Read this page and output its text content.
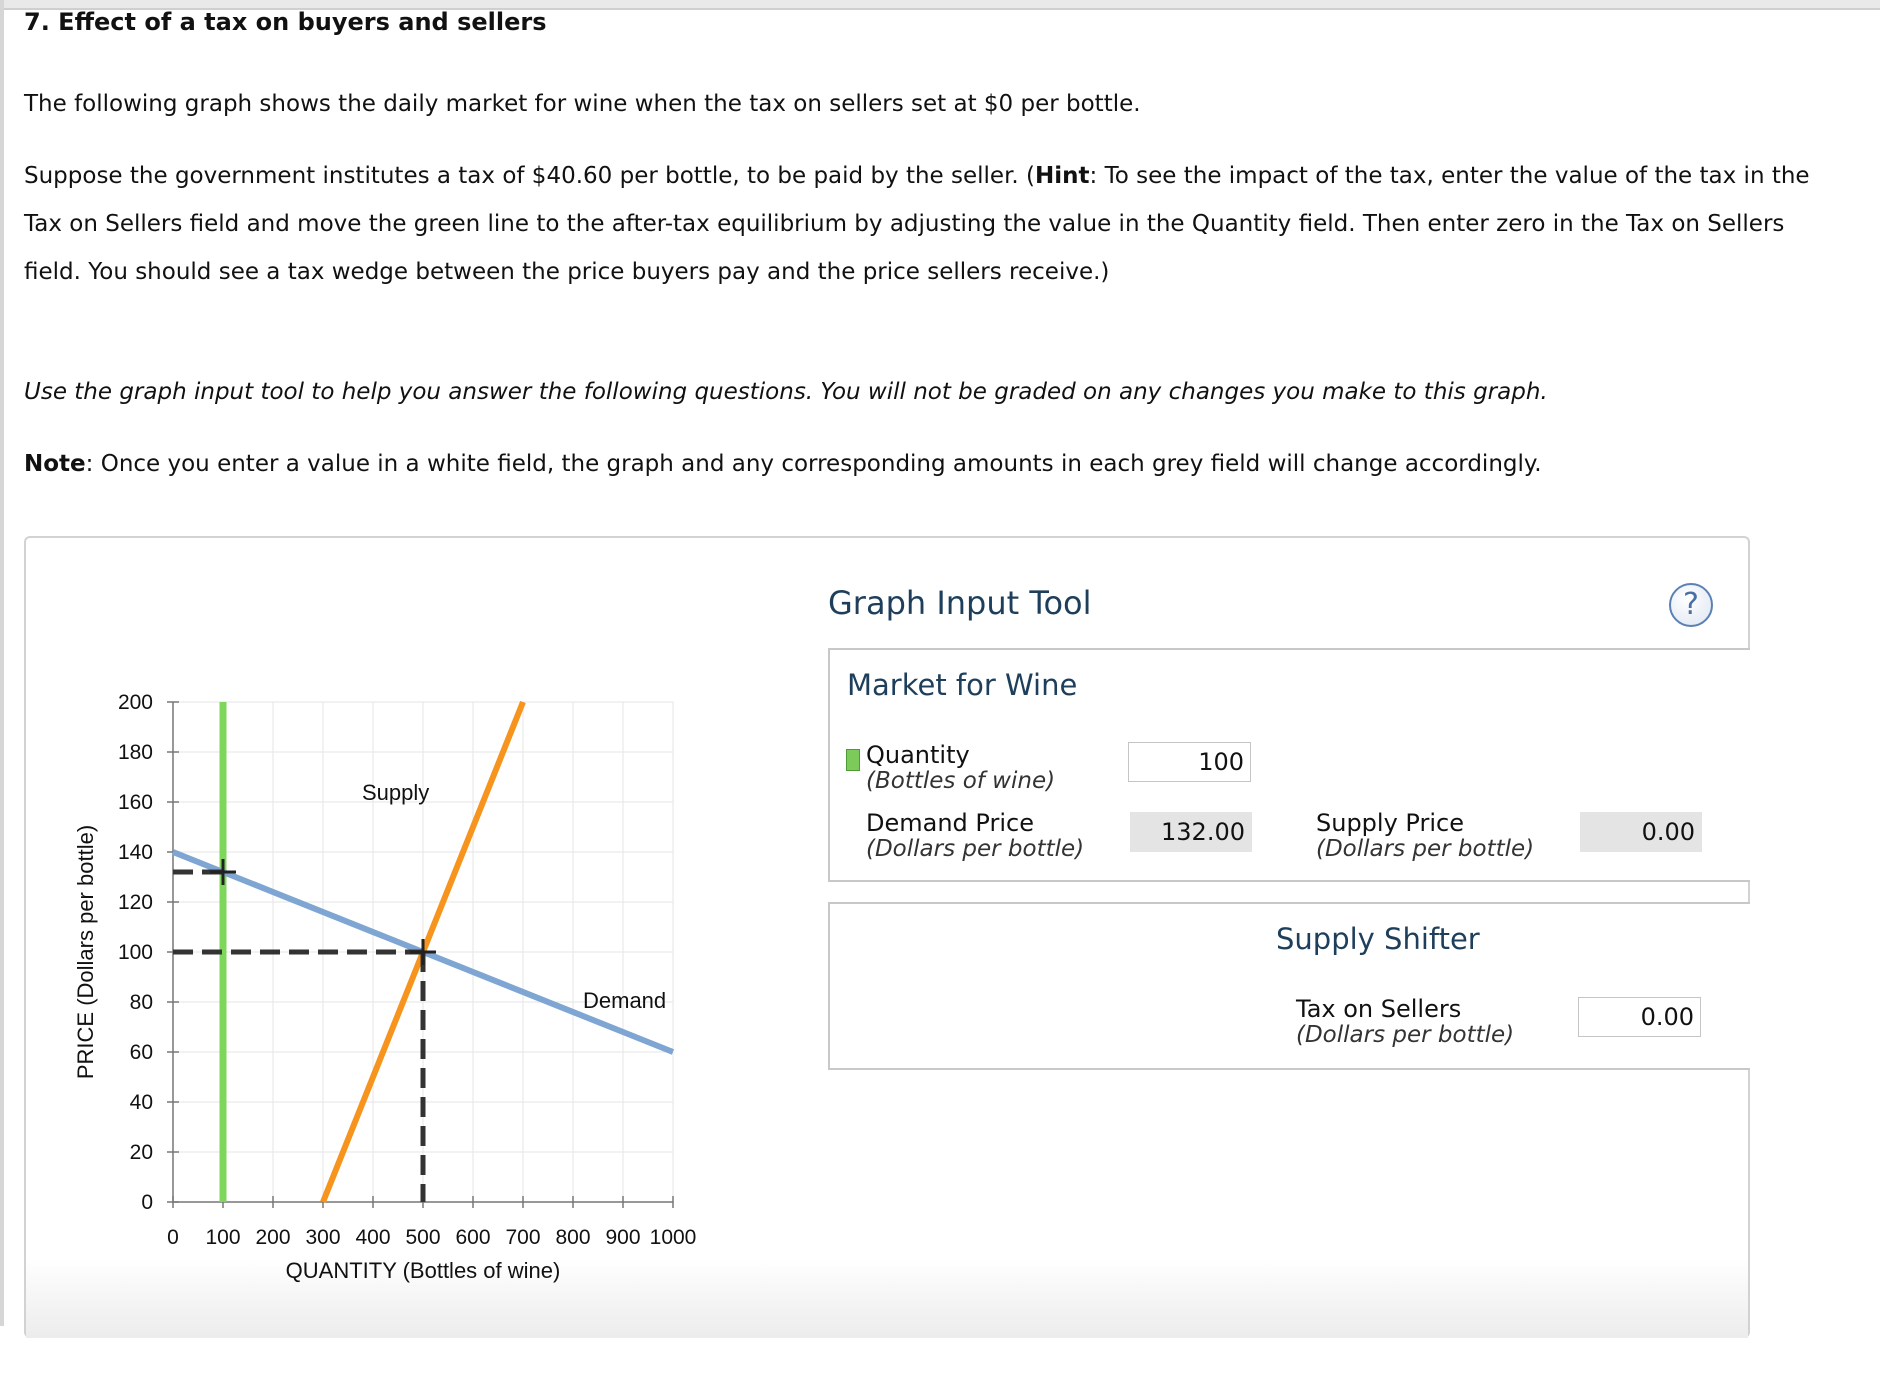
7. Effect of a tax on buyers and sellers
The following graph shows the daily market for wine when the tax on sellers set at $0 per bottle.
Suppose the government institutes a tax of $40.60 per bottle, to be paid by the seller. (Hint: To see the impact of the tax, enter the value of the tax in the Tax on Sellers field and move the green line to the after-tax equilibrium by adjusting the value in the Quantity field. Then enter zero in the Tax on Sellers field. You should see a tax wedge between the price buyers pay and the price sellers receive.)
Use the graph input tool to help you answer the following questions. You will not be graded on any changes you make to this graph.
Note: Once you enter a value in a white field, the graph and any corresponding amounts in each grey field will change accordingly.
0
20
40
60
80
100
120
140
160
180
200
0 100 200 300 400 500 600 700 800 900 1000
QUANTITY (Bottles of wine)
PRICE (Dollars per bottle)
Supply
Demand
Graph Input Tool	?
Market for Wine
Quantity
(Bottles of wine)
100
Demand Price
(Dollars per bottle)
132.00	Supply Price
(Dollars per bottle)
0.00
Supply Shifter
Tax on Sellers
(Dollars per bottle)
0.00
